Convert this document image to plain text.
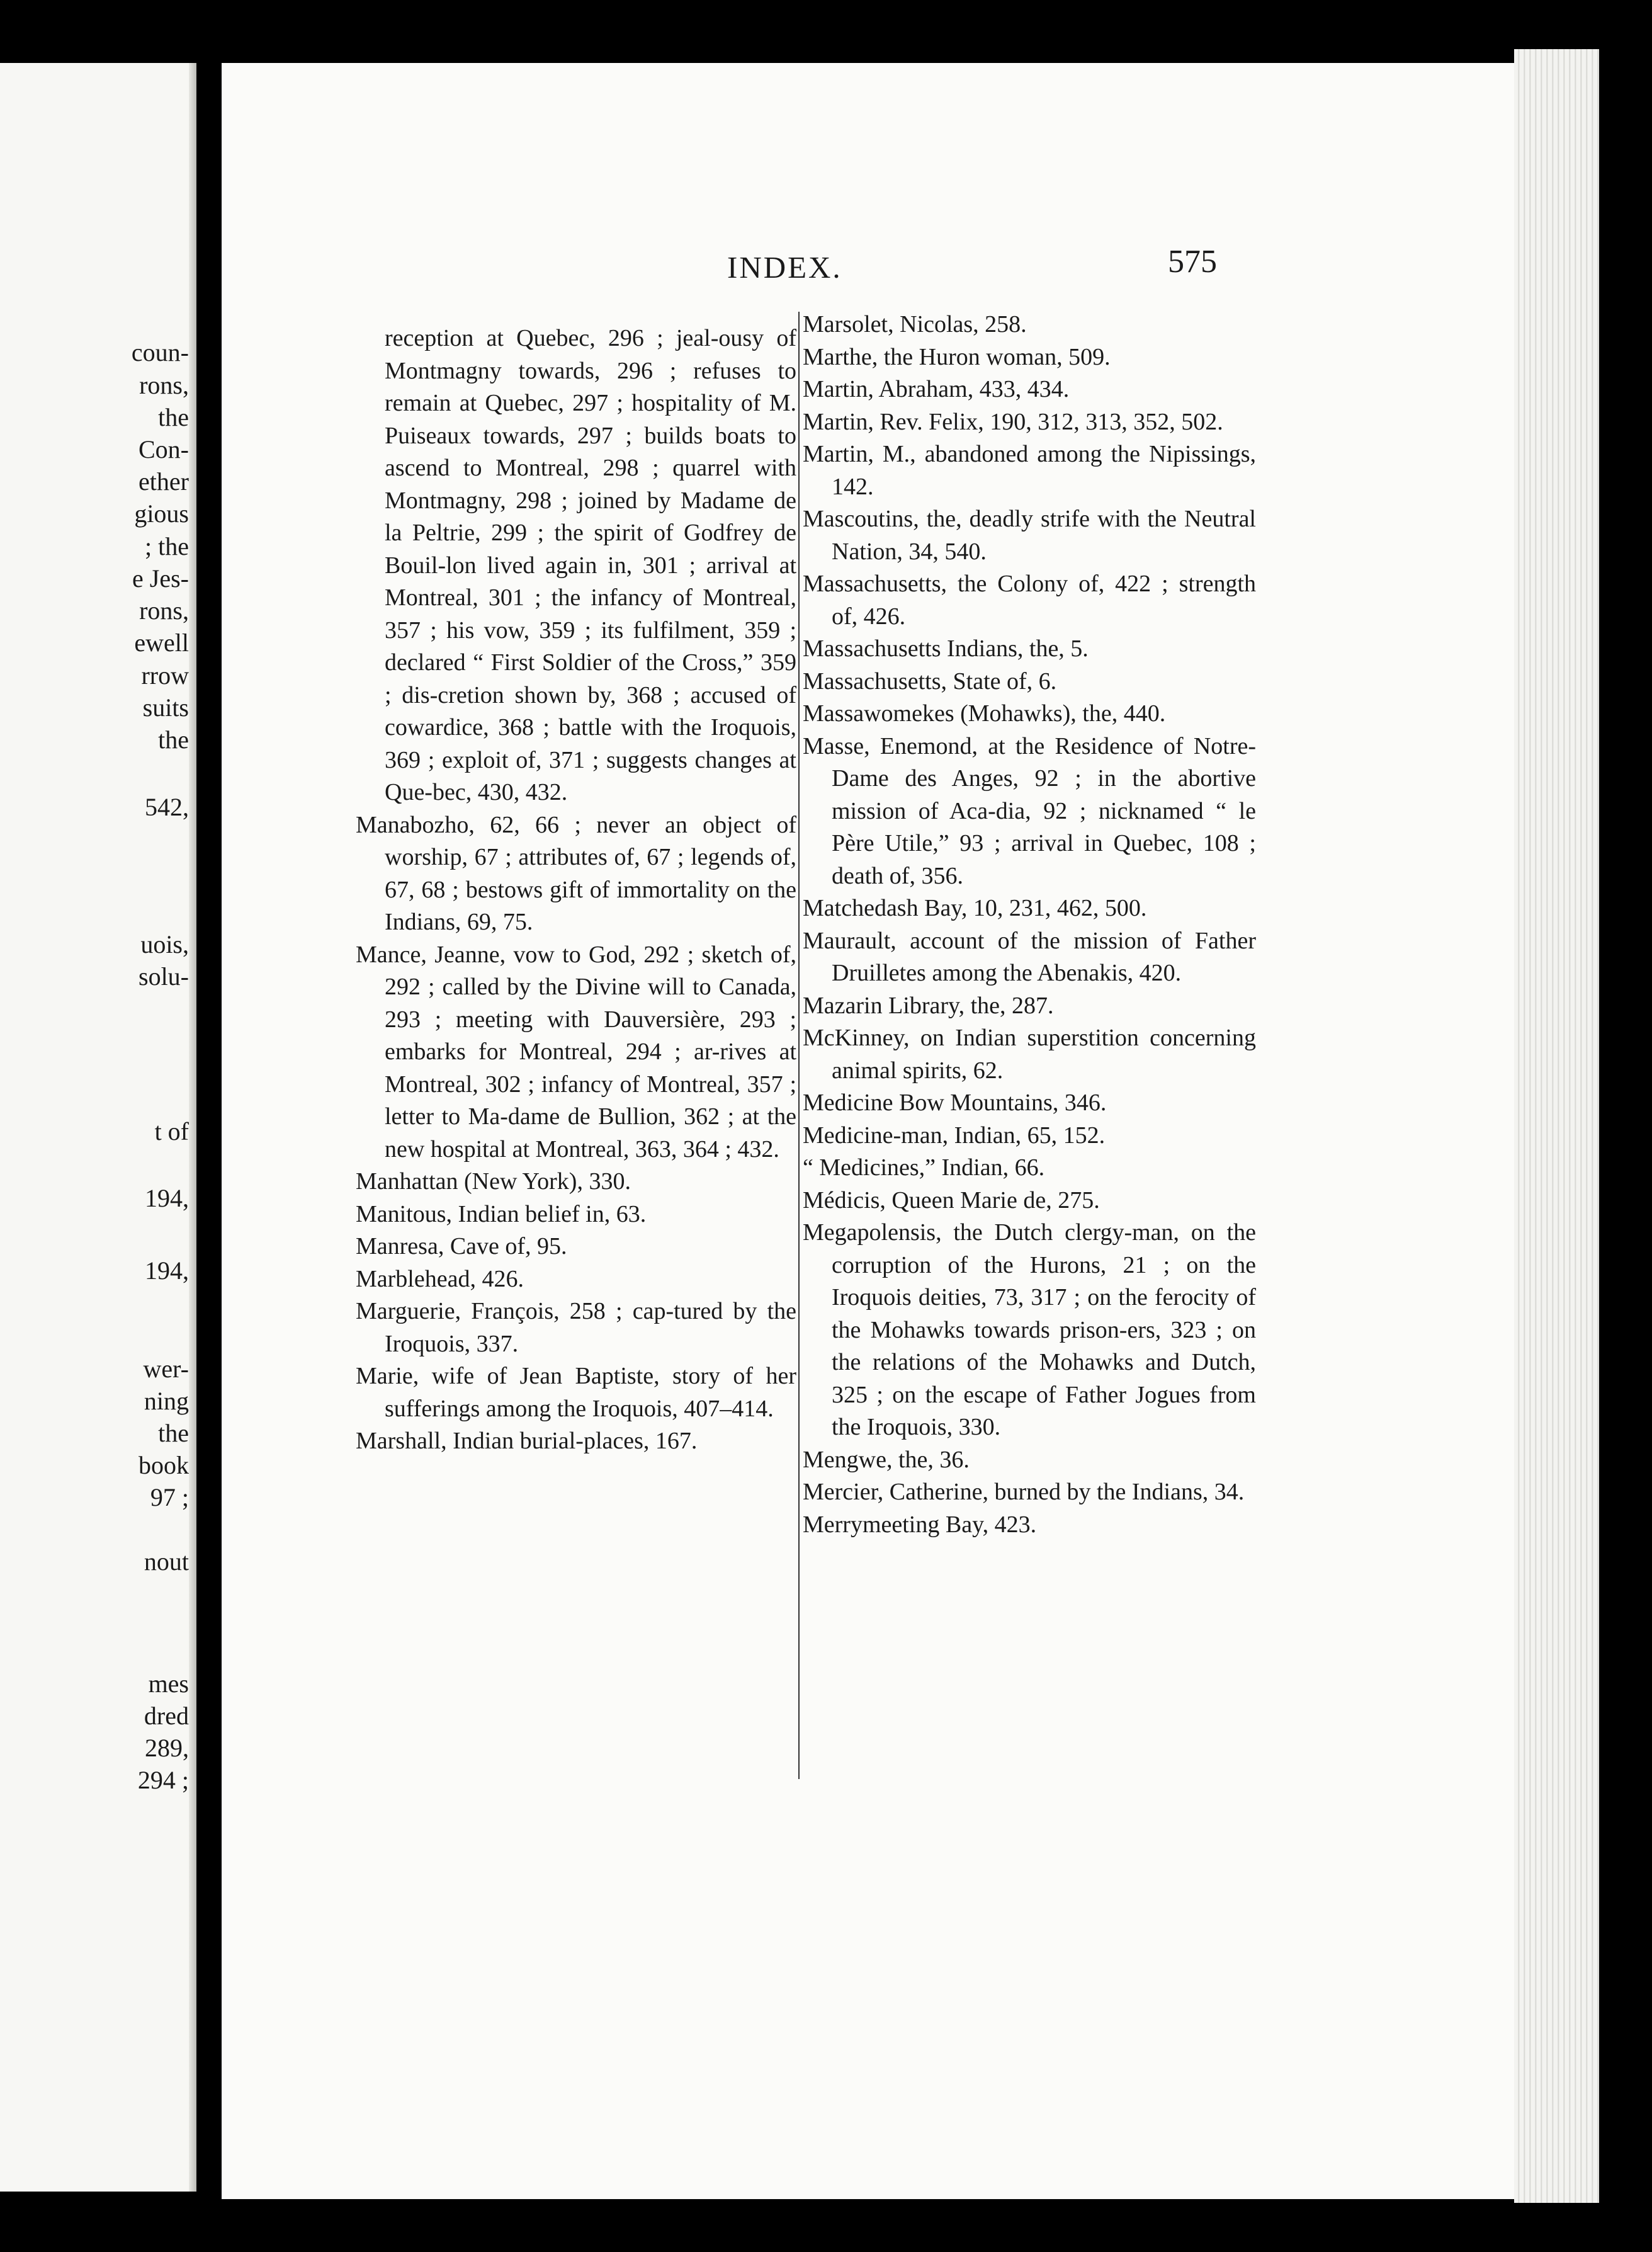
coun-
rons,
the
Con-
ether
gious
; the
e Jes-
rons,
ewell
rrow
suits
the
542,
uois,
solu-
t of
194,
194,
wer-
ning
the
book
97 ;
nout
mes
dred
289,
294 ;
INDEX.	575
reception at Quebec, 296 ; jeal-ousy of Montmagny towards, 296 ; refuses to remain at Quebec, 297 ; hospitality of M. Puiseaux towards, 297 ; builds boats to ascend to Montreal, 298 ; quarrel with Montmagny, 298 ; joined by Madame de la Peltrie, 299 ; the spirit of Godfrey de Bouil-lon lived again in, 301 ; arrival at Montreal, 301 ; the infancy of Montreal, 357 ; his vow, 359 ; its fulfilment, 359 ; declared “ First Soldier of the Cross,” 359 ; dis-cretion shown by, 368 ; accused of cowardice, 368 ; battle with the Iroquois, 369 ; exploit of, 371 ; suggests changes at Que-bec, 430, 432.
Manabozho, 62, 66 ; never an object of worship, 67 ; attributes of, 67 ; legends of, 67, 68 ; bestows gift of immortality on the Indians, 69, 75.
Mance, Jeanne, vow to God, 292 ; sketch of, 292 ; called by the Divine will to Canada, 293 ; meeting with Dauversière, 293 ; embarks for Montreal, 294 ; ar-rives at Montreal, 302 ; infancy of Montreal, 357 ; letter to Ma-dame de Bullion, 362 ; at the new hospital at Montreal, 363, 364 ; 432.
Manhattan (New York), 330.
Manitous, Indian belief in, 63.
Manresa, Cave of, 95.
Marblehead, 426.
Marguerie, François, 258 ; cap-tured by the Iroquois, 337.
Marie, wife of Jean Baptiste, story of her sufferings among the Iroquois, 407–414.
Marshall, Indian burial-places, 167.
Marsolet, Nicolas, 258.
Marthe, the Huron woman, 509.
Martin, Abraham, 433, 434.
Martin, Rev. Felix, 190, 312, 313, 352, 502.
Martin, M., abandoned among the Nipissings, 142.
Mascoutins, the, deadly strife with the Neutral Nation, 34, 540.
Massachusetts, the Colony of, 422 ; strength of, 426.
Massachusetts Indians, the, 5.
Massachusetts, State of, 6.
Massawomekes (Mohawks), the, 440.
Masse, Enemond, at the Residence of Notre-Dame des Anges, 92 ; in the abortive mission of Aca-dia, 92 ; nicknamed “ le Père Utile,” 93 ; arrival in Quebec, 108 ; death of, 356.
Matchedash Bay, 10, 231, 462, 500.
Maurault, account of the mission of Father Druilletes among the Abenakis, 420.
Mazarin Library, the, 287.
McKinney, on Indian superstition concerning animal spirits, 62.
Medicine Bow Mountains, 346.
Medicine-man, Indian, 65, 152.
“ Medicines,” Indian, 66.
Médicis, Queen Marie de, 275.
Megapolensis, the Dutch clergy-man, on the corruption of the Hurons, 21 ; on the Iroquois deities, 73, 317 ; on the ferocity of the Mohawks towards prison-ers, 323 ; on the relations of the Mohawks and Dutch, 325 ; on the escape of Father Jogues from the Iroquois, 330.
Mengwe, the, 36.
Mercier, Catherine, burned by the Indians, 34.
Merrymeeting Bay, 423.
